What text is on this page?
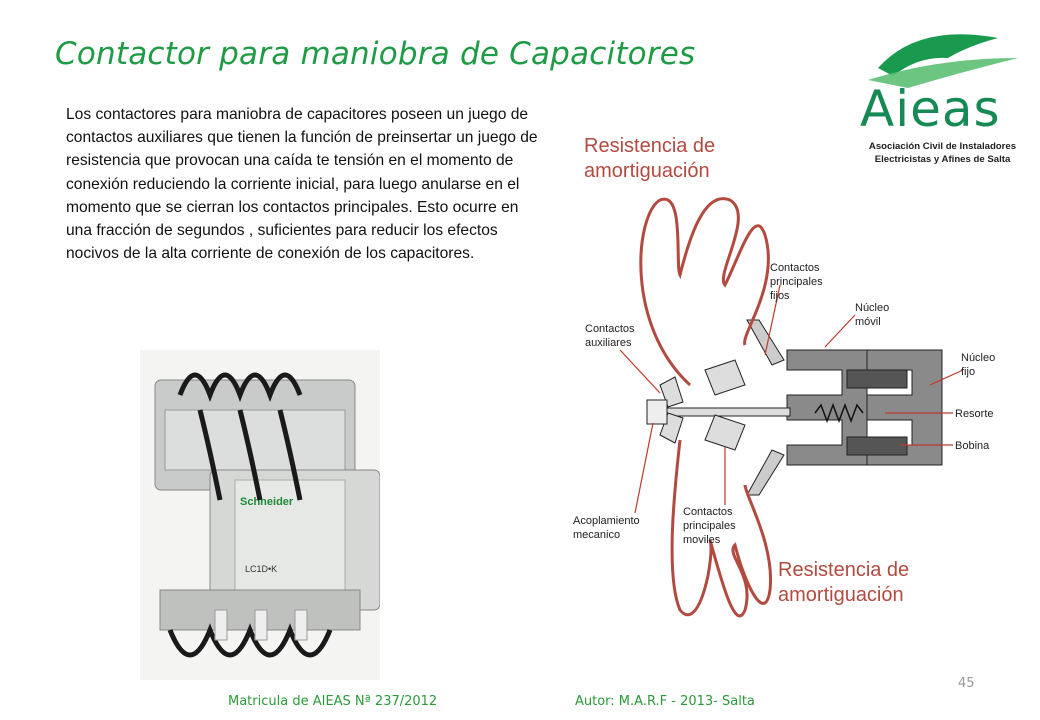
Contactor para maniobra de Capacitores
Los contactores para maniobra de capacitores poseen un juego de contactos auxiliares que tienen la función de preinsertar un juego de resistencia que provocan una caída te tensión en el momento de conexión reduciendo la corriente inicial, para luego anularse en el momento que se cierran los contactos principales. Esto ocurre en una fracción de segundos , suficientes para reducir los efectos nocivos de la alta corriente de conexión de los capacitores.
Aieas
Asociación Civil de Instaladores
Electricistas y Afines de Salta
Schneider
LC1D•K
Resistencia de
amortiguación
Resistencia de
amortiguación
Contactos
principales
fijos
Contactos
auxiliares
Núcleo
móvil
Núcleo
fijo
Resorte
Bobina
Acoplamiento
mecanico
Contactos
principales
moviles
45
Matricula de AIEAS Nª 237/2012	Autor: M.A.R.F - 2013- Salta
